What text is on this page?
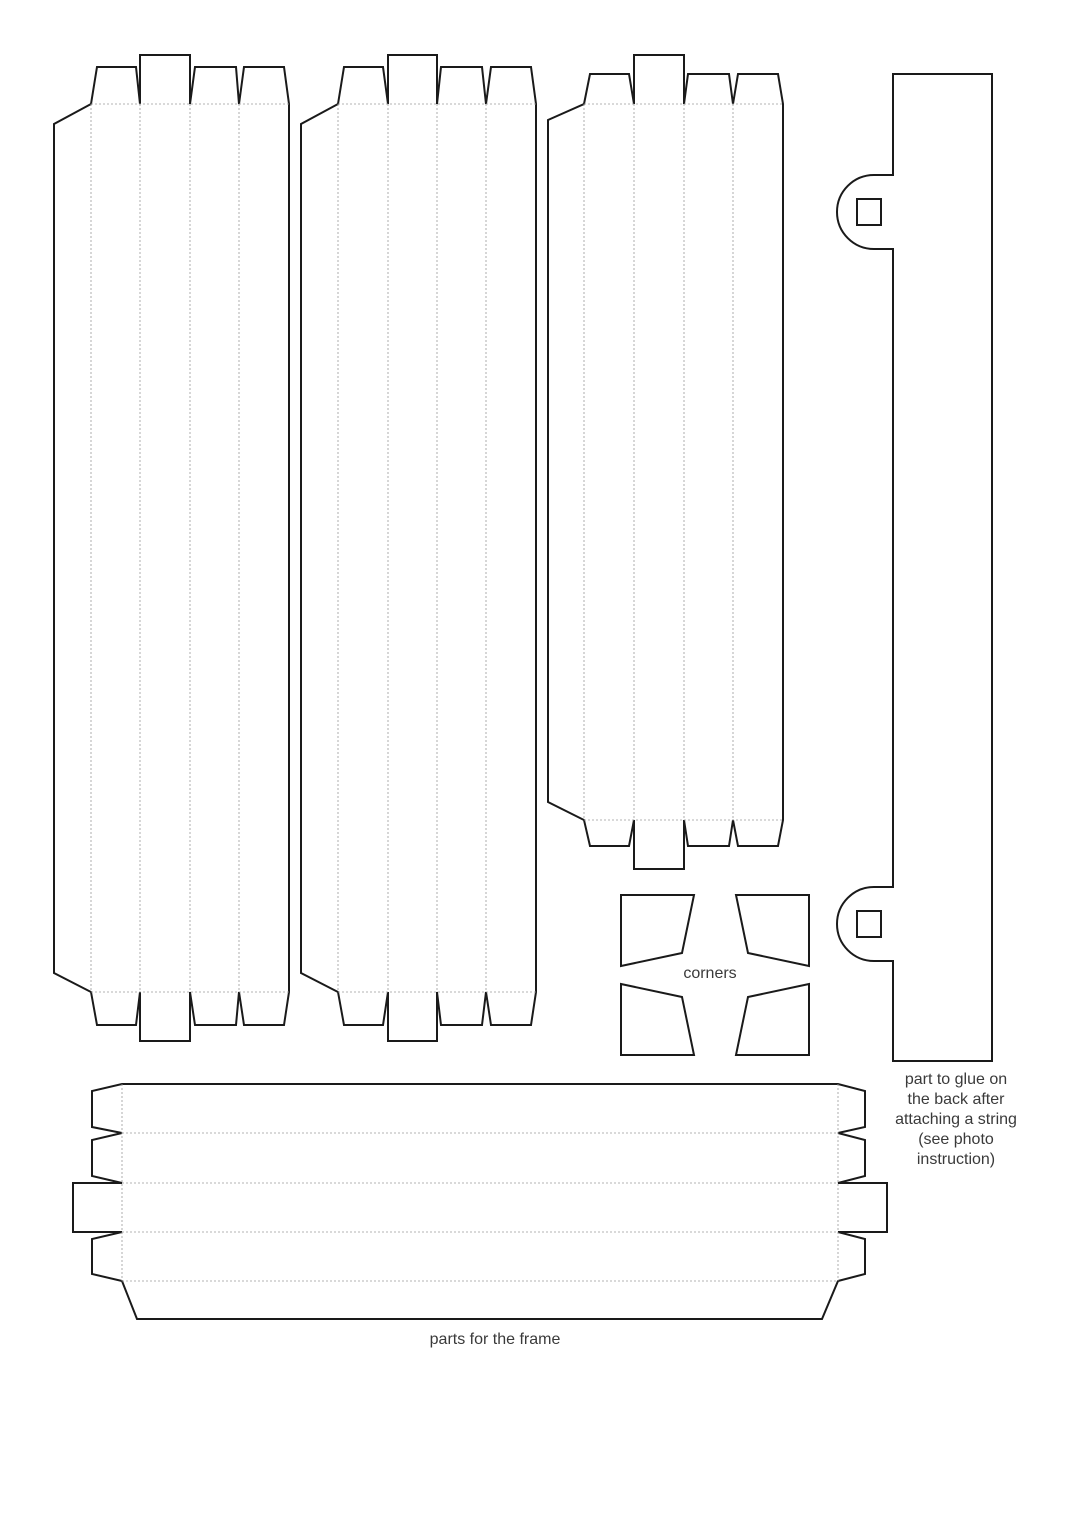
corners
parts for the frame
part to glue on
the back after
attaching a string
(see photo
instruction)
